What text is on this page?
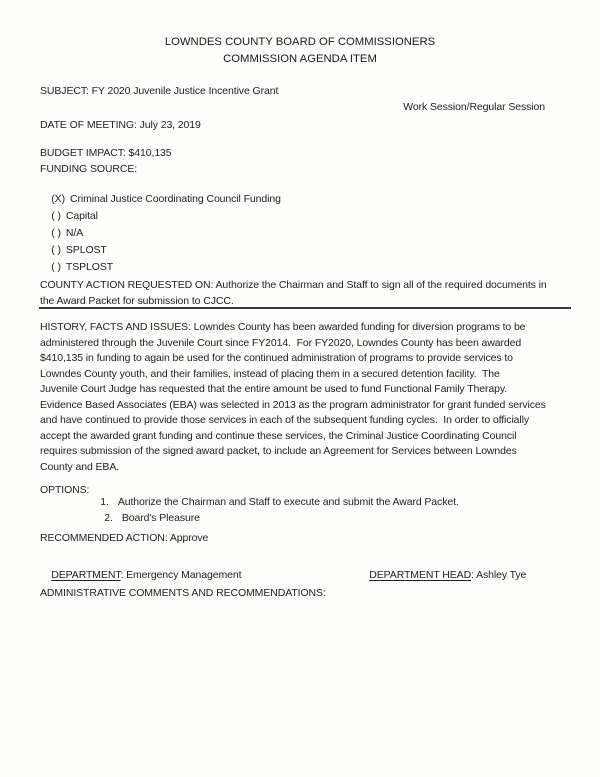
LOWNDES COUNTY BOARD OF COMMISSIONERS
COMMISSION AGENDA ITEM
SUBJECT: FY 2020 Juvenile Justice Incentive Grant
Work Session/Regular Session
DATE OF MEETING: July 23, 2019
BUDGET IMPACT: $410,135
FUNDING SOURCE:

(X) Criminal Justice Coordinating Council Funding

( ) Capital

( ) N/A

( ) SPLOST

( ) TSPLOST

COUNTY ACTION REQUESTED ON: Authorize the Chairman and Staff to sign all of the required documents in
the Award Packet for submission to CJCC.
HISTORY, FACTS AND ISSUES: Lowndes County has been awarded funding for diversion programs to be
administered through the Juvenile Court since FY2014.  For FY2020, Lowndes County has been awarded
$410,135 in funding to again be used for the continued administration of programs to provide services to
Lowndes County youth, and their families, instead of placing them in a secured detention facility.  The
Juvenile Court Judge has requested that the entire amount be used to fund Functional Family Therapy.
Evidence Based Associates (EBA) was selected in 2013 as the program administrator for grant funded services
and have continued to provide those services in each of the subsequent funding cycles.  In order to officially
accept the awarded grant funding and continue these services, the Criminal Justice Coordinating Council
requires submission of the signed award packet, to include an Agreement for Services between Lowndes
County and EBA.
OPTIONS:

1. Authorize the Chairman and Staff to execute and submit the Award Packet.

2. Board's Pleasure

RECOMMENDED ACTION: Approve

DEPARTMENT: Emergency Management
	DEPARTMENT HEAD: Ashley Tye

ADMINISTRATIVE COMMENTS AND RECOMMENDATIONS:
